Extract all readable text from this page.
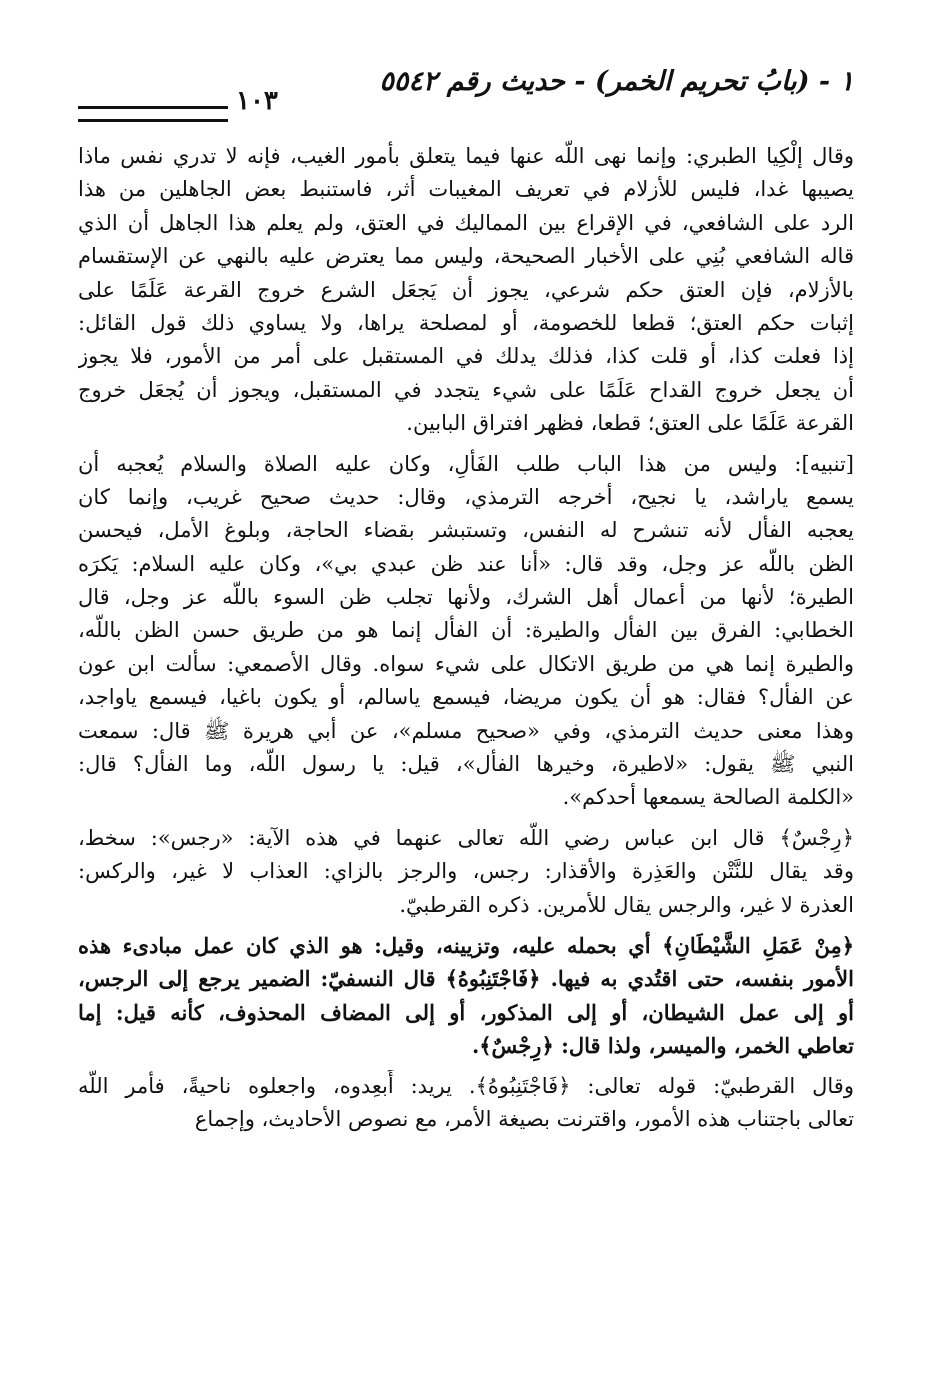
١ - (بابُ تحريم الخمر) - حديث رقم ٥٥٤٢
١٠٣
وقال إلْكِيا الطبري: وإنما نهى اللَّه عنها فيما يتعلق بأمور الغيب، فإنه لا تدري نفس ماذا
يصيبها غدا، فليس للأزلام في تعريف المغيبات أثر، فاستنبط بعض الجاهلين من هذا
الرد على الشافعي، في الإقراع بين المماليك في العتق، ولم يعلم هذا الجاهل أن الذي
قاله الشافعي بُنِي على الأخبار الصحيحة، وليس مما يعترض عليه بالنهي عن الإستقسام
بالأزلام، فإن العتق حكم شرعي، يجوز أن يَجعَل الشرع خروج القرعة عَلَمًا على
إثبات حكم العتق؛ قطعا للخصومة، أو لمصلحة يراها، ولا يساوي ذلك قول القائل:
إذا فعلت كذا، أو قلت كذا، فذلك يدلك في المستقبل على أمر من الأمور، فلا يجوز
أن يجعل خروج القداح عَلَمًا على شيء يتجدد في المستقبل، ويجوز أن يُجعَل خروج
القرعة عَلَمًا على العتق؛ قطعا، فظهر افتراق البابين.
[تنبيه]: وليس من هذا الباب طلب الفَأْلِ، وكان عليه الصلاة والسلام يُعجبه أن
يسمع ياراشد، يا نجيح، أخرجه الترمذي، وقال: حديث صحيح غريب، وإنما كان
يعجبه الفأل لأنه تنشرح له النفس، وتستبشر بقضاء الحاجة، وبلوغ الأمل، فيحسن
الظن باللَّه عز وجل، وقد قال: «أنا عند ظن عبدي بي»، وكان عليه السلام: يَكرَه
الطيرة؛ لأنها من أعمال أهل الشرك، ولأنها تجلب ظن السوء باللَّه عز وجل، قال
الخطابي: الفرق بين الفأل والطيرة: أن الفأل إنما هو من طريق حسن الظن باللَّه،
والطيرة إنما هي من طريق الاتكال على شيء سواه. وقال الأصمعي: سألت ابن عون
عن الفأل؟ فقال: هو أن يكون مريضا، فيسمع ياسالم، أو يكون باغيا، فيسمع ياواجد،
وهذا معنى حديث الترمذي، وفي «صحيح مسلم»، عن أبي هريرة ﷺ قال: سمعت
النبي ﷺ يقول: «لاطيرة، وخيرها الفأل»، قيل: يا رسول اللَّه، وما الفأل؟ قال:
«الكلمة الصالحة يسمعها أحدكم».
﴿رِجْسٌ﴾ قال ابن عباس رضي اللَّه تعالى عنهما في هذه الآية: «رجس»: سخط،
وقد يقال للنَّتْن والعَذِرة والأقذار: رجس، والرجز بالزاي: العذاب لا غير، والركس:
العذرة لا غير، والرجس يقال للأمرين. ذكره القرطبيّ.
﴿مِنْ عَمَلِ الشَّيْطَانِ﴾ أي بحمله عليه، وتزيينه، وقيل: هو الذي كان عمل مبادىء هذه
الأمور بنفسه، حتى اقتُدي به فيها. ﴿فَاجْتَنِبُوهُ﴾ قال النسفيّ: الضمير يرجع إلى الرجس،
أو إلى عمل الشيطان، أو إلى المذكور، أو إلى المضاف المحذوف، كأنه قيل: إما
تعاطي الخمر، والميسر، ولذا قال: ﴿رِجْسٌ﴾.
وقال القرطبيّ: قوله تعالى: ﴿فَاجْتَنِبُوهُ﴾. يريد: أَبعِدوه، واجعلوه ناحيةً، فأمر اللَّه
تعالى باجتناب هذه الأمور، واقترنت بصيغة الأمر، مع نصوص الأحاديث، وإجماع
